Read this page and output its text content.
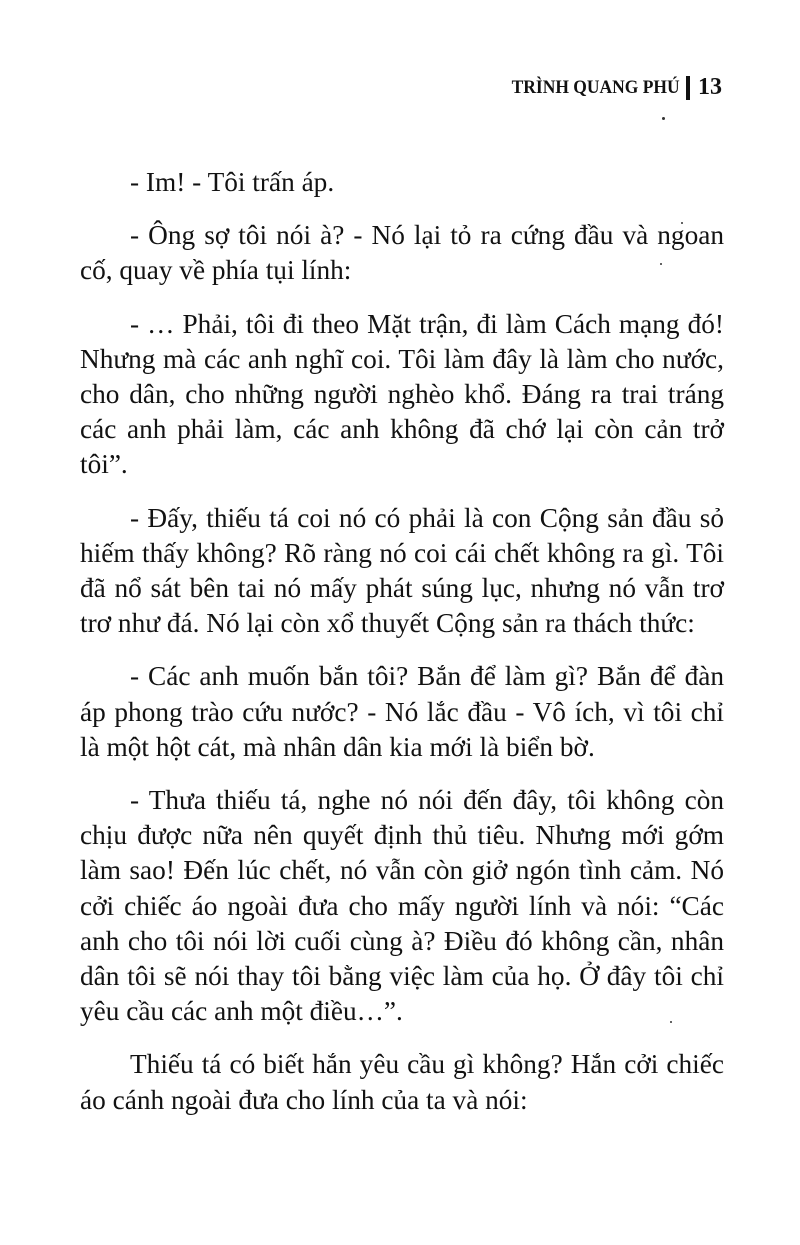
TRÌNH QUANG PHÚ 13

- Im! - Tôi trấn áp.

- Ông sợ tôi nói à? - Nó lại tỏ ra cứng đầu và ngoan cố, quay về phía tụi lính:

- … Phải, tôi đi theo Mặt trận, đi làm Cách mạng đó! Nhưng mà các anh nghĩ coi. Tôi làm đây là làm cho nước, cho dân, cho những người nghèo khổ. Đáng ra trai tráng các anh phải làm, các anh không đã chớ lại còn cản trở tôi”.

- Đấy, thiếu tá coi nó có phải là con Cộng sản đầu sỏ hiếm thấy không? Rõ ràng nó coi cái chết không ra gì. Tôi đã nổ sát bên tai nó mấy phát súng lục, nhưng nó vẫn trơ trơ như đá. Nó lại còn xổ thuyết Cộng sản ra thách thức:

- Các anh muốn bắn tôi? Bắn để làm gì? Bắn để đàn áp phong trào cứu nước? - Nó lắc đầu - Vô ích, vì tôi chỉ là một hột cát, mà nhân dân kia mới là biển bờ.

- Thưa thiếu tá, nghe nó nói đến đây, tôi không còn chịu được nữa nên quyết định thủ tiêu. Nhưng mới gớm làm sao! Đến lúc chết, nó vẫn còn giở ngón tình cảm. Nó cởi chiếc áo ngoài đưa cho mấy người lính và nói: “Các anh cho tôi nói lời cuối cùng à? Điều đó không cần, nhân dân tôi sẽ nói thay tôi bằng việc làm của họ. Ở đây tôi chỉ yêu cầu các anh một điều…”.

Thiếu tá có biết hắn yêu cầu gì không? Hắn cởi chiếc áo cánh ngoài đưa cho lính của ta và nói:
